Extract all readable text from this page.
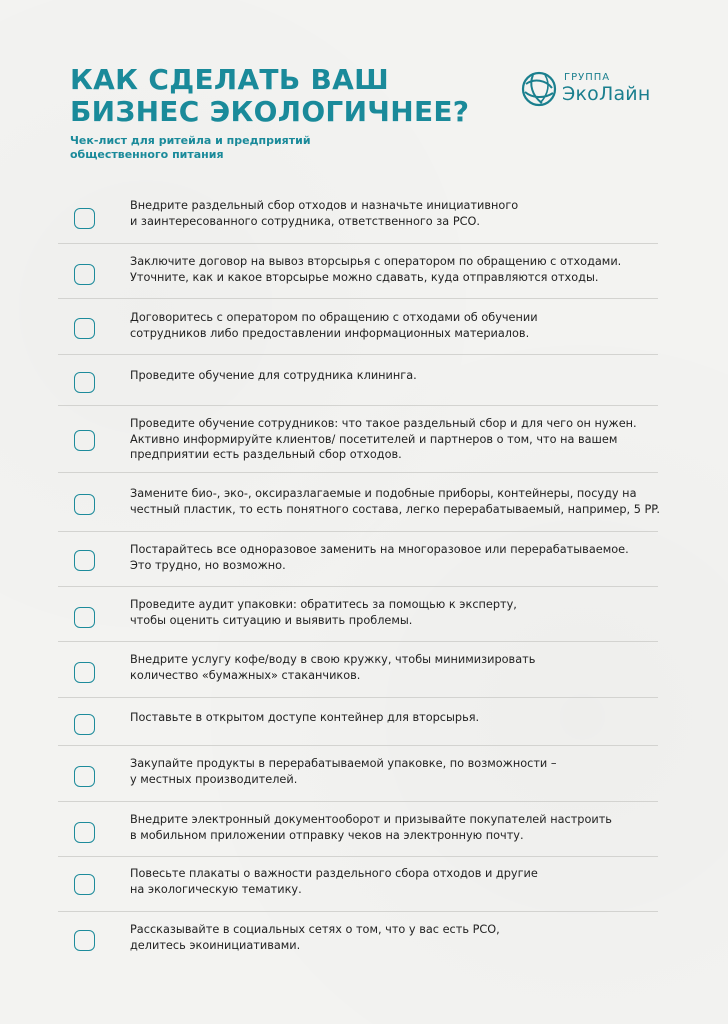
КАК СДЕЛАТЬ ВАШ
БИЗНЕС ЭКОЛОГИЧНЕЕ?

Чек-лист для ритейла и предприятий
общественного питания

ГРУППА
ЭкоЛайн
Внедрите раздельный сбор отходов и назначьте инициативного
и заинтересованного сотрудника, ответственного за РСО.
Заключите договор на вывоз вторсырья с оператором по обращению с отходами.
Уточните, как и какое вторсырье можно сдавать, куда отправляются отходы.
Договоритесь с оператором по обращению с отходами об обучении
сотрудников либо предоставлении информационных материалов.
Проведите обучение для сотрудника клининга.
Проведите обучение сотрудников: что такое раздельный сбор и для чего он нужен.
Активно информируйте клиентов/ посетителей и партнеров о том, что на вашем
предприятии есть раздельный сбор отходов.
Замените био-, эко-, оксиразлагаемые и подобные приборы, контейнеры, посуду на
честный пластик, то есть понятного состава, легко перерабатываемый, например, 5 PP.
Постарайтесь все одноразовое заменить на многоразовое или перерабатываемое.
Это трудно, но возможно.
Проведите аудит упаковки: обратитесь за помощью к эксперту,
чтобы оценить ситуацию и выявить проблемы.
Внедрите услугу кофе/воду в свою кружку, чтобы минимизировать
количество «бумажных» стаканчиков.
Поставьте в открытом доступе контейнер для вторсырья.
Закупайте продукты в перерабатываемой упаковке, по возможности –
у местных производителей.
Внедрите электронный документооборот и призывайте покупателей настроить
в мобильном приложении отправку чеков на электронную почту.
Повесьте плакаты о важности раздельного сбора отходов и другие
на экологическую тематику.
Рассказывайте в социальных сетях о том, что у вас есть РСО,
делитесь экоинициативами.
